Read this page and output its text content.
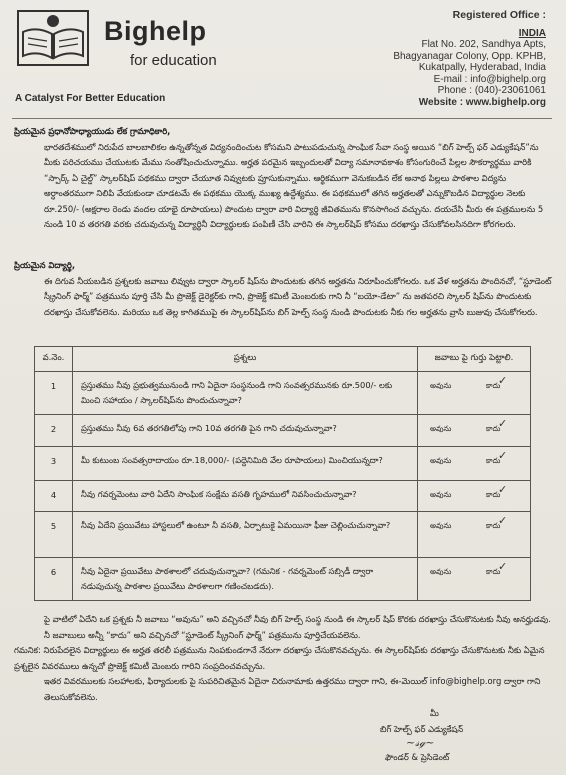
Bighelp
for education
A Catalyst For Better Education
Registered Office :
INDIA
Flat No. 202, Sandhya Apts,
Bhagyanagar Colony, Opp. KPHB,
Kukatpally, Hyderabad, India
E-mail : info@bighelp.org
Phone : (040)-23061061
Website : www.bighelp.org
ప్రియమైన ప్రధానోపాధ్యాయుడు లేక గ్రామాధికారి,
భారతదేశములో నిరుపేద బాలబాలికల ఉన్నతోన్నత విద్యనందించుట కోసమని పాటుపడుచున్న సాంఘిక సేవా సంస్థ అయిన “బిగ్ హెల్ప్ ఫర్ ఎడ్యుకేషన్”ను మీకు పరిచయము చేయుటకు మేము సంతోషించుచున్నాము. అర్హత పరమైన ఇబ్బందులతో విద్యా సమానావకాశం కోసంగురించే పిల్లల సౌకర్యార్థము వారికి “స్పార్క్ ఏ చైల్డ్” స్కాలర్‌షిప్ పథకము ద్వారా చేయూత నివ్వుటకు ప్రూసుకున్నాము. ఆర్థికముగా వెనుకబడిన లేక అనాథ పిల్లలు పాఠశాల విద్యను అర్ధాంతరముగా నిలిపి వేయకుండా చూడటమే ఈ పథకము యొక్క ముఖ్య ఉద్దేశ్యము. ఈ పథకములో తగిన అర్హతలతో ఎన్నుకొబడిన విద్యార్థుల నెలకు రూ.250/- (అక్షరాల రెండు వందల యాభై రూపాయలు) పొందుట ద్వారా వారి విద్యార్థి జీవితమును కొనసాగించ వచ్చును. దయచేసి మీరు ఈ పత్రములను 5 నుండి 10 వ తరగతి వరకు చదువుచున్న విద్యార్థినీ విద్యార్థులకు పంపిణీ చేసి వారిని ఈ స్కాలర్‌షిప్ కోసము దరఖాస్తు చేసుకోవలసినదిగా కోరగలరు.
ప్రియమైన విద్యార్థి,
ఈ దిగువ నీయబడిన ప్రశ్నలకు జవాబు లివ్వుట ద్వారా స్కాలర్ షిప్‌ను పొందుటకు తగిన అర్హతను నిరూపించుకోగలరు. ఒక వేళ అర్హతను పొందినచో, “స్టూడెంట్ స్క్రీనింగ్ ఫార్మ్” పత్రమును పూర్తి చేసి మీ ప్రొజెక్ట్ డైరెక్టర్‌కు గాని, ప్రొజెక్ట్ కమిటీ మెంబరుకు గాని నీ “బయో-డేటా” ను జతపరచి స్కాలర్ షిప్‌ను పొందుటకు దరఖాస్తు చేసుకోవలెను. మరియు ఒక తెల్ల కాగితముపై ఈ స్కాలర్‌షిప్‌ను బిగ్ హెల్ప్ సంస్థ నుండి పొందుటకు నీకు గల అర్హతను వ్రాసి బుజువు చేసుకోగలరు.
వ.నెం.	ప్రశ్నలు	జవాబు పై గుర్తు పెట్టాలి.
1	ప్రస్తుతము నీవు ప్రభుత్వమునుండి గాని ఏదైనా సంస్థనుండి గాని సంవత్సరమునకు రూ.500/- లకు మించి సహాయం / స్కాలర్‌షిప్‌ను పొందుచున్నావా?	అవును కాదు
✓

2	ప్రస్తుతము నీవు 6వ తరగతిలోపు గాని 10వ తరగతి పైన గాని చదువుచున్నావా?	అవును కాదు
✓

3	మీ కుటుంబ సంవత్సరాదాయం రూ.18,000/- (పద్దెనిమిది వేల రూపాయలు) మించియున్నదా?	అవును కాదు
✓

4	నీవు గవర్నమెంటు వారి ఏదేని సాంఘిక సంక్షేమ వసతి గృహములో నివసించుచున్నావా?	అవును కాదు
✓

5	నీవు ఏదేని ప్రయివేటు హాస్టలులో ఉంటూ నీ వసతి, ఏర్పాటుకై ఏమయినా ఫీజు చెల్లించుచున్నావా?	అవును కాదు
✓

6	నీవు ఏదైనా ప్రయివేటు పాఠశాలలో చదువుచున్నావా? (గమనిక - గవర్నమెంట్ సబ్సిడీ ద్వారా నడుపుచున్న పాఠశాల ప్రయివేటు పాఠశాలగా గణించబడదు).	అవును కాదు
✓
పై వాటిలో ఏదేని ఒక ప్రశ్నకు నీ జవాబు “అవును” అని వచ్చినచో నీవు బిగ్ హెల్ప్ సంస్థ నుండి ఈ స్కాలర్ షిప్ కొరకు దరఖాస్తు చేసుకొనుటకు నీవు అనర్హుడవు. నీ జవాబులు అన్నీ “కాదు” అని వచ్చినచో “స్టూడెంట్ స్క్రీనింగ్ ఫార్మ్” పత్రమును పూర్తిచేయవలెను.
గమనిక: నిరుపేదలైన విద్యార్థులు ఈ అర్హత తరలీ పత్రమును నింపకుండగానే నేరుగా దరఖాస్తు చేసుకొనవచ్చును. ఈ స్కాలర్‌షిప్‌కు దరఖాస్తు చేసుకొనుటకు నీకు ఏమైన ప్రశ్నలైన వివరములు ఉన్నచో ప్రొజెక్ట్ కమిటీ మెంబరు గారిని సంప్రదించవచ్చును.
ఇతర వివరములకు సలహాలకు, ఫిర్యాదులకు పై సుపరిచితమైన ఏదైనా చిరునామాకు ఉత్తరము ద్వారా గాని, ఈ-మెయిల్ info@bighelp.org ద్వారా గాని తెలుసుకోవలెను.
మీ
బిగ్ హెల్ప్ ఫర్ ఎడ్యుకేషన్
~𝓈ℊ~
ఫౌండర్ & ప్రెసిడెంట్
